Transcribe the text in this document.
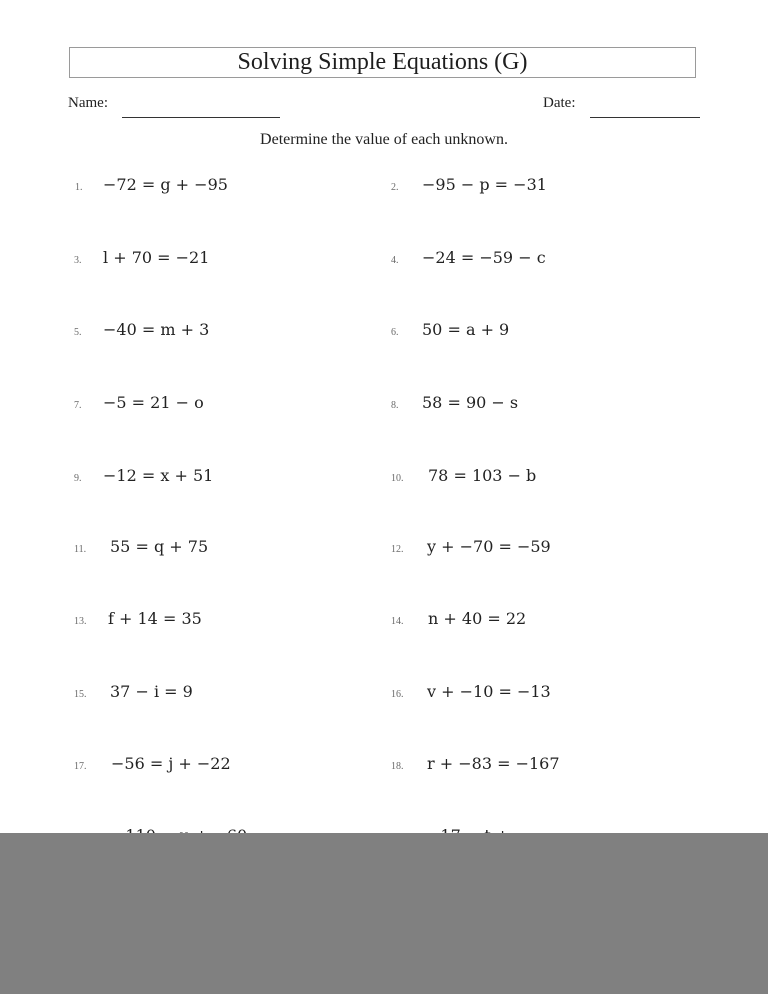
Solving Simple Equations (G)
Name:	Date:
Determine the value of each unknown.
1.	−72 = g + −95	2.	−95 − p = −31
3.	l + 70 = −21	4.	−24 = −59 − c
5.	−40 = m + 3	6.	50 = a + 9
7.	−5 = 21 − o	8.	58 = 90 − s
9.	−12 = x + 51	10.	78 = 103 − b
11.	55 = q + 75	12.	y + −70 = −59
13.	f + 14 = 35	14.	n + 40 = 22
15.	37 − i = 9	16.	v + −10 = −13
17.	−56 = j + −22	18.	r + −83 = −167
